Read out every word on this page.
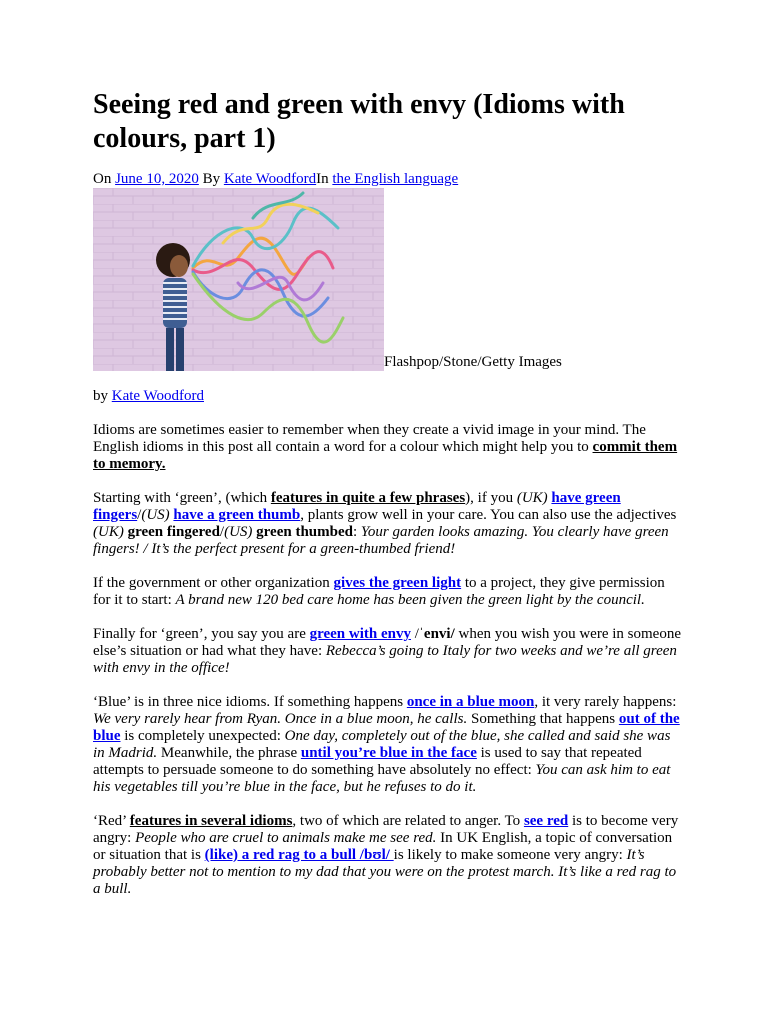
Seeing red and green with envy (Idioms with colours, part 1)
On June 10, 2020 By Kate WoodfordIn the English language
Flashpop/Stone/Getty Images

by Kate Woodford

Idioms are sometimes easier to remember when they create a vivid image in your mind. The English idioms in this post all contain a word for a colour which might help you to commit them to memory.

Starting with ‘green’, (which features in quite a few phrases), if you (UK) have green fingers/(US) have a green thumb, plants grow well in your care. You can also use the adjectives (UK) green fingered/(US) green thumbed: Your garden looks amazing. You clearly have green fingers! / It’s the perfect present for a green-thumbed friend!

If the government or other organization gives the green light to a project, they give permission for it to start: A brand new 120 bed care home has been given the green light by the council.

Finally for ‘green’, you say you are green with envy /ˈenvi/ when you wish you were in someone else’s situation or had what they have: Rebecca’s going to Italy for two weeks and we’re all green with envy in the office!

‘Blue’ is in three nice idioms. If something happens once in a blue moon, it very rarely happens: We very rarely hear from Ryan. Once in a blue moon, he calls. Something that happens out of the blue is completely unexpected: One day, completely out of the blue, she called and said she was in Madrid. Meanwhile, the phrase until you’re blue in the face is used to say that repeated attempts to persuade someone to do something have absolutely no effect: You can ask him to eat his vegetables till you’re blue in the face, but he refuses to do it.

‘Red’ features in several idioms, two of which are related to anger. To see red is to become very angry: People who are cruel to animals make me see red. In UK English, a topic of conversation or situation that is (like) a red rag to a bull /bʊl/ is likely to make someone very angry: It’s probably better not to mention to my dad that you were on the protest march. It’s like a red rag to a bull.
